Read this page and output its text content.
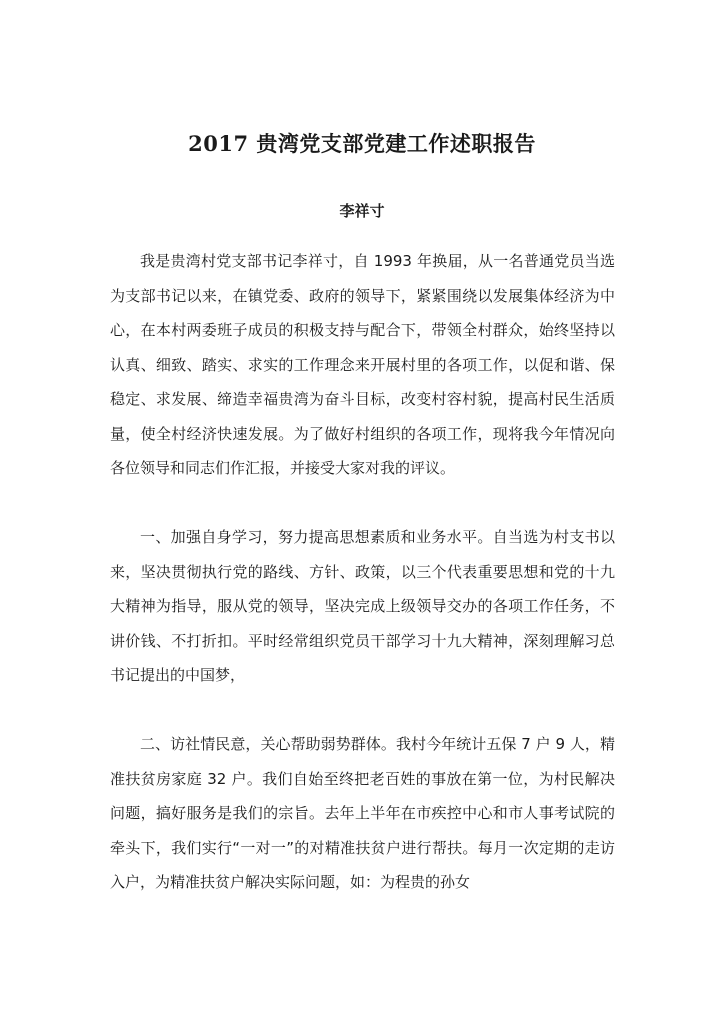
2017 贵湾党支部党建工作述职报告
李祥寸

我是贵湾村党支部书记李祥寸，自 1993 年换届，从一名普通党员当选为支部书记以来，在镇党委、政府的领导下，紧紧围绕以发展集体经济为中心，在本村两委班子成员的积极支持与配合下，带领全村群众，始终坚持以认真、细致、踏实、求实的工作理念来开展村里的各项工作，以促和谐、保稳定、求发展、缔造幸福贵湾为奋斗目标，改变村容村貌，提高村民生活质量，使全村经济快速发展。为了做好村组织的各项工作，现将我今年情况向各位领导和同志们作汇报，并接受大家对我的评议。

一、加强自身学习，努力提高思想素质和业务水平。自当选为村支书以来，坚决贯彻执行党的路线、方针、政策，以三个代表重要思想和党的十九大精神为指导，服从党的领导，坚决完成上级领导交办的各项工作任务，不讲价钱、不打折扣。平时经常组织党员干部学习十九大精神，深刻理解习总书记提出的中国梦，

二、访社情民意，关心帮助弱势群体。我村今年统计五保 7 户 9 人，精准扶贫房家庭 32 户。我们自始至终把老百姓的事放在第一位，为村民解决问题，搞好服务是我们的宗旨。去年上半年在市疾控中心和市人事考试院的牵头下，我们实行“一对一”的对精准扶贫户进行帮扶。每月一次定期的走访入户，为精准扶贫户解决实际问题，如：为程贵的孙女
